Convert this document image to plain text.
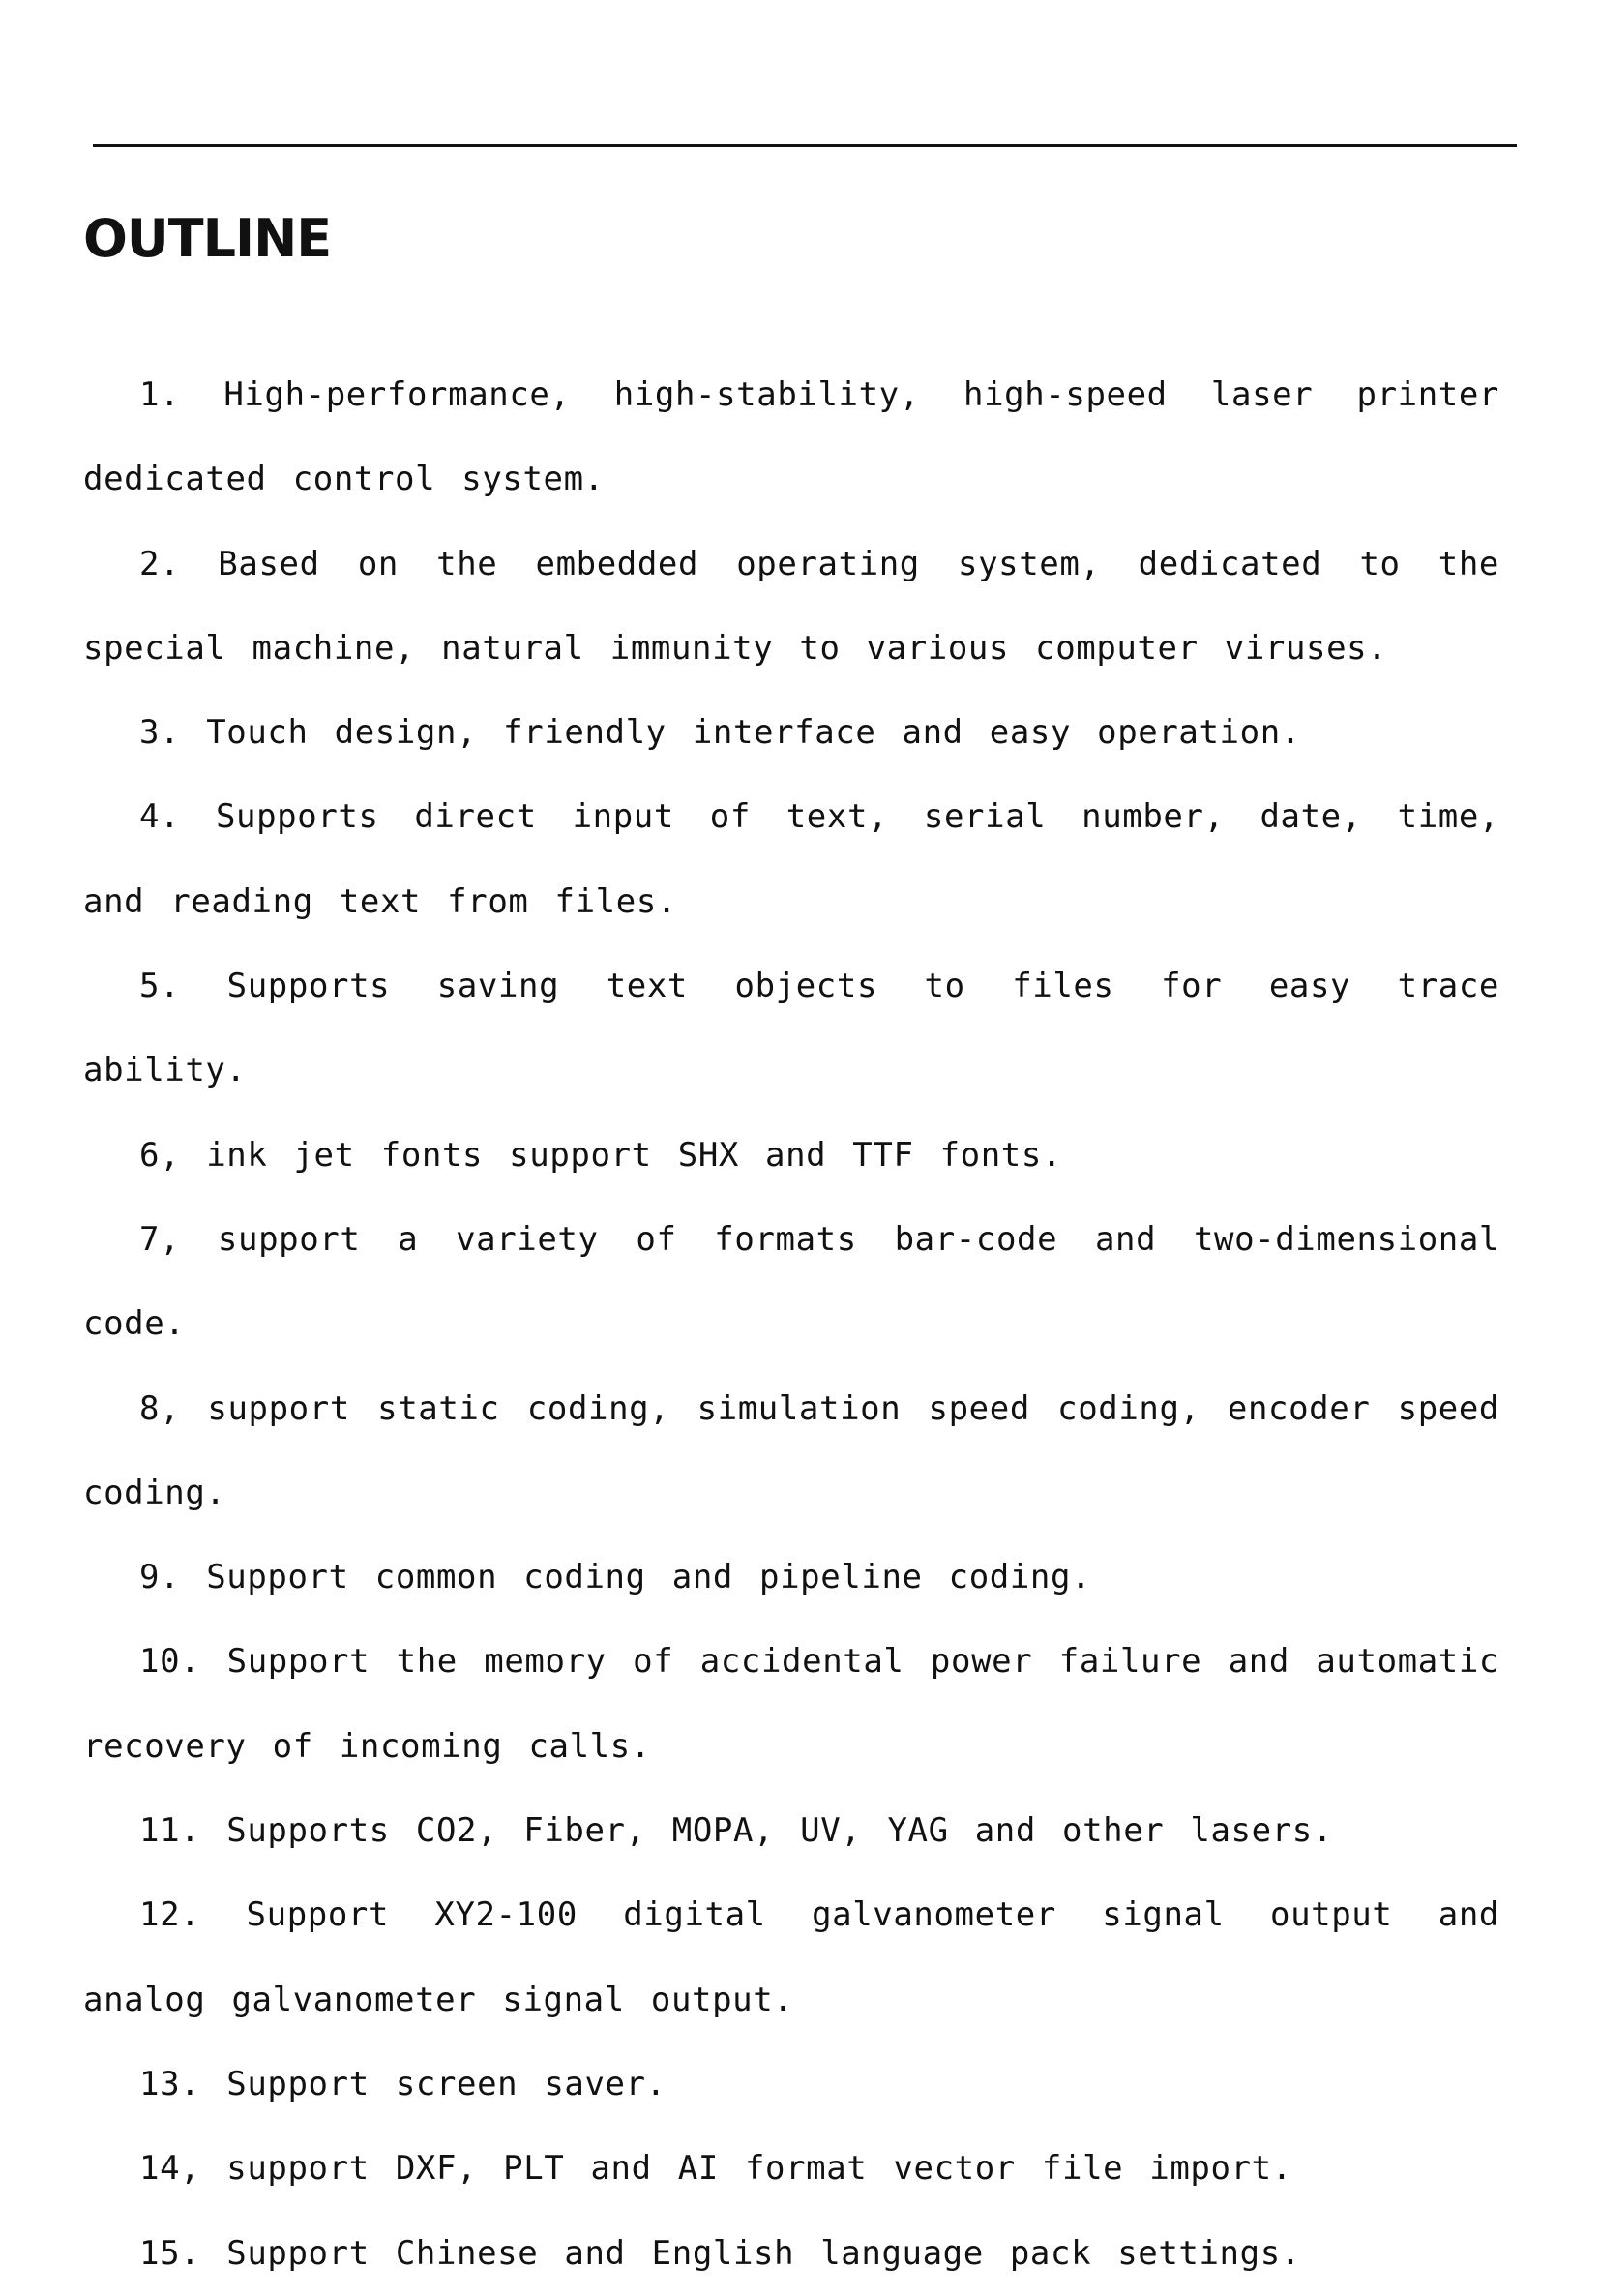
OUTLINE
1. High-performance, high-stability, high-speed laser printer dedicated control system.
2. Based on the embedded operating system, dedicated to the special machine, natural immunity to various computer viruses.
3. Touch design, friendly interface and easy operation.
4. Supports direct input of text, serial number, date, time, and reading text from files.
5. Supports saving text objects to files for easy trace ability.
6, ink jet fonts support SHX and TTF fonts.
7, support a variety of formats bar-code and two-dimensional code.
8, support static coding, simulation speed coding, encoder speed coding.
9. Support common coding and pipeline coding.
10. Support the memory of accidental power failure and automatic recovery of incoming calls.
11. Supports CO2, Fiber, MOPA, UV, YAG and other lasers.
12. Support XY2-100 digital galvanometer signal output and analog galvanometer signal output.
13. Support screen saver.
14, support DXF, PLT and AI format vector file import.
15. Support Chinese and English language pack settings.
